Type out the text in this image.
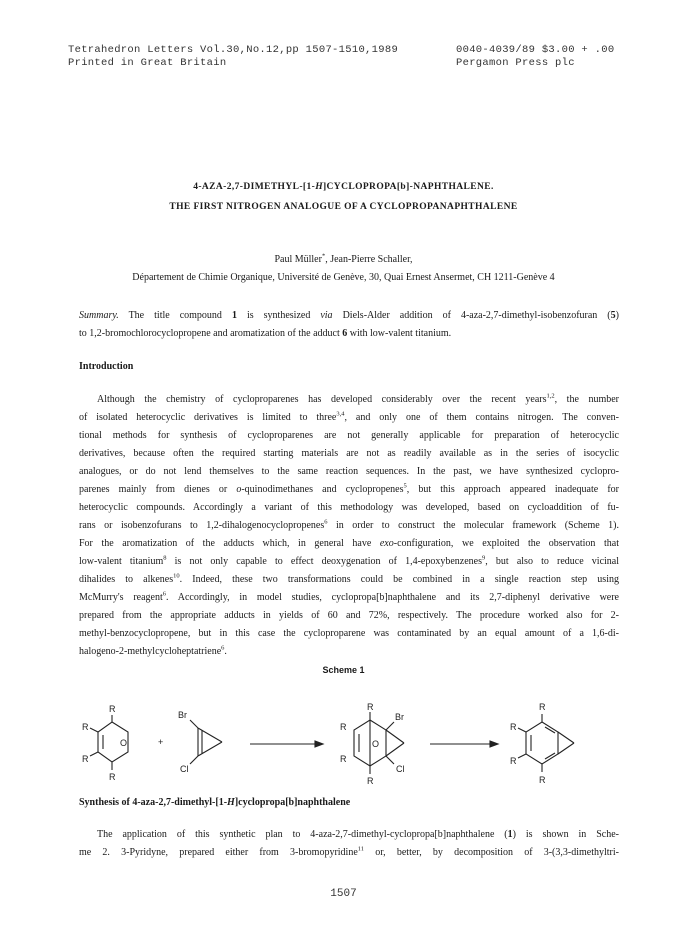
Tetrahedron Letters Vol.30,No.12,pp 1507-1510,1989
Printed in Great Britain
0040-4039/89 $3.00 + .00
Pergamon Press plc
4-AZA-2,7-DIMETHYL-[1-H]CYCLOPROPA[b]-NAPHTHALENE.
THE FIRST NITROGEN ANALOGUE OF A CYCLOPROPANAPHTHALENE
Paul Müller*, Jean-Pierre Schaller,
Département de Chimie Organique, Université de Genève, 30, Quai Ernest Ansermet, CH 1211-Genève 4
Summary. The title compound 1 is synthesized via Diels-Alder addition of 4-aza-2,7-dimethyl-isobenzofuran (5)
to 1,2-bromochlorocyclopropene and aromatization of the adduct 6 with low-valent titanium.
Introduction
Although the chemistry of cycloproparenes has developed considerably over the recent years$^{1,2}$, the number
of isolated heterocyclic derivatives is limited to three$^{3,4}$, and only one of them contains nitrogen. The conven-
tional methods for synthesis of cycloproparenes are not generally applicable for preparation of heterocyclic
derivatives, because often the required starting materials are not as readily available as in the series of isocyclic
analogues, or do not lend themselves to the same reaction sequences. In the past, we have synthesized cyclopro-
parenes mainly from dienes or o-quinodimethanes and cyclopropenes$^5$, but this approach appeared inadequate for
heterocyclic compounds. Accordingly a variant of this methodology was developed, based on cycloaddition of fu-
rans or isobenzofurans to 1,2-dihalogenocyclopropenes$^6$ in order to construct the molecular framework (Scheme 1).
For the aromatization of the adducts which, in general have exo-configuration, we exploited the observation that
low-valent titanium$^8$ is not only capable to effect deoxygenation of 1,4-epoxybenzenes$^9$, but also to reduce vicinal
dihalides to alkenes$^{10}$. Indeed, these two transformations could be combined in a single reaction step using
McMurry's reagent$^6$. Accordingly, in model studies, cyclopropa[b]naphthalene and its 2,7-diphenyl derivative were
prepared from the appropriate adducts in yields of 60 and 72%, respectively. The procedure worked also for 2-
methyl-benzocyclopropene, but in this case the cycloproparene was contaminated by an equal amount of a 1,6-di-
halogeno-2-methylcycloheptatriene$^6$.
Scheme 1
R
R
R
R
O	+
Br
Cl
R
R
R
R
O
Br
Cl
R
R
R
R
Synthesis of 4-aza-2,7-dimethyl-[1-H]cyclopropa[b]naphthalene
The application of this synthetic plan to 4-aza-2,7-dimethyl-cyclopropa[b]naphthalene (1) is shown in Sche-
me 2. 3-Pyridyne, prepared either from 3-bromopyridine$^{11}$ or, better, by decomposition of 3-(3,3-dimethyltri-
1507
